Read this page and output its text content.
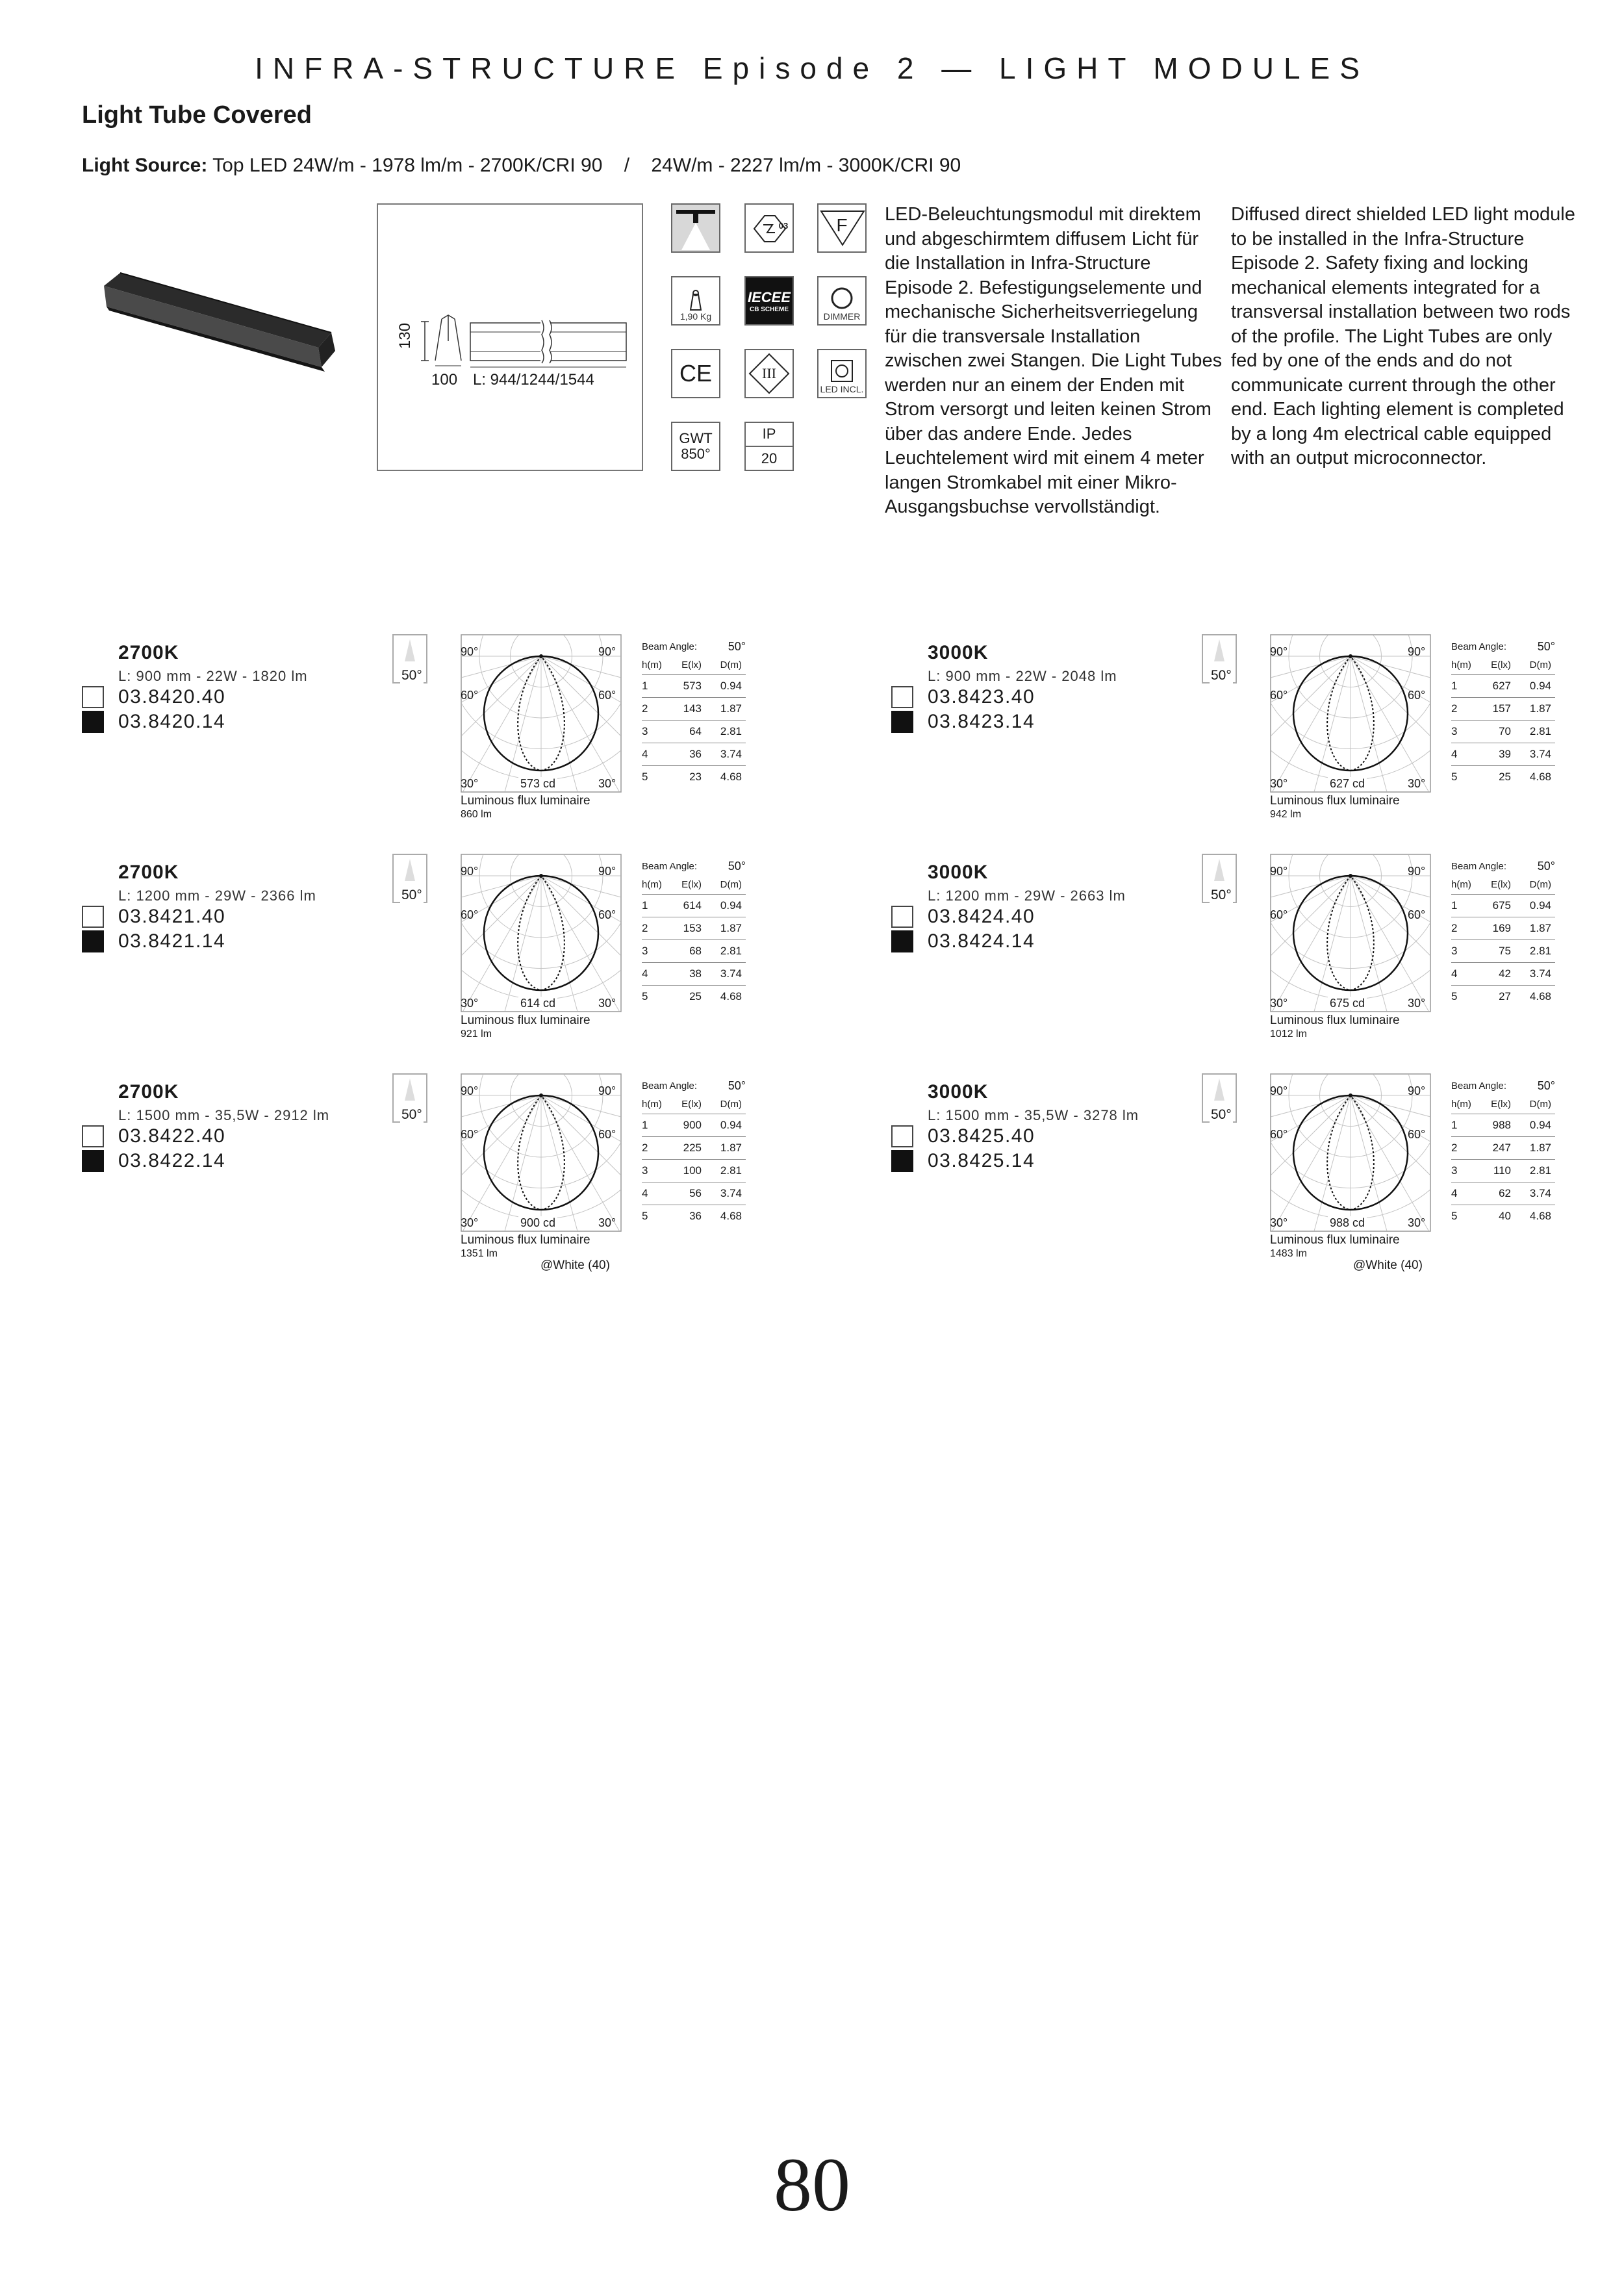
INFRA-STRUCTURE Episode 2 — LIGHT MODULES
Light Tube Covered
Light Source: Top LED 24W/m - 1978 lm/m - 2700K/CRI 90    /    24W/m - 2227 lm/m - 3000K/CRI 90
130
100 L: 944/1244/1544
03	F
1,90 Kg
IECEE
CB SCHEME
DIMMER
CE	III
LED INCL.
GWT
850°
IP
20
LED-Beleuchtungsmodul mit direktem und abgeschirmtem diffusem Licht für die Installation in Infra-Structure Episode 2. Befestigungselemente und mechanische Sicherheitsverriegelung für die transversale Installation zwischen zwei Stangen. Die Light Tubes werden nur an einem der Enden mit Strom versorgt und leiten keinen Strom über das andere Ende. Jedes Leuchtelement wird mit einem 4 meter langen Stromkabel mit einer Mikro-Ausgangsbuchse vervollständigt.
Diffused direct shielded LED light module to be installed in the Infra-Structure Episode 2. Safety fixing and locking mechanical elements integrated for a transversal installation between two rods of the profile. The Light Tubes are only fed by one of the ends and do not communicate current through the other end. Each lighting element is completed by a long 4m electrical cable equipped with an output microconnector.
2700K
L: 900 mm - 22W - 1820 lm
03.8420.40
03.8420.14
50°
90°	90°
60°	60°
30°	30°
573 cd
Luminous flux luminaire
860 lm
Beam Angle:	50°
h(m)	E(lx)	D(m)
1	573	0.94
2	143	1.87
3	64	2.81
4	36	3.74
5	23	4.68
3000K
L: 900 mm - 22W - 2048 lm
03.8423.40
03.8423.14
50°
90°	90°
60°	60°
30°	30°
627 cd
Luminous flux luminaire
942 lm
Beam Angle:	50°
h(m)	E(lx)	D(m)
1	627	0.94
2	157	1.87
3	70	2.81
4	39	3.74
5	25	4.68
2700K
L: 1200 mm - 29W - 2366 lm
03.8421.40
03.8421.14
50°
90°	90°
60°	60°
30°	30°
614 cd
Luminous flux luminaire
921 lm
Beam Angle:	50°
h(m)	E(lx)	D(m)
1	614	0.94
2	153	1.87
3	68	2.81
4	38	3.74
5	25	4.68
3000K
L: 1200 mm - 29W - 2663 lm
03.8424.40
03.8424.14
50°
90°	90°
60°	60°
30°	30°
675 cd
Luminous flux luminaire
1012 lm
Beam Angle:	50°
h(m)	E(lx)	D(m)
1	675	0.94
2	169	1.87
3	75	2.81
4	42	3.74
5	27	4.68
2700K
L: 1500 mm - 35,5W - 2912 lm
03.8422.40
03.8422.14
50°
90°	90°
60°	60°
30°	30°
900 cd
Luminous flux luminaire
1351 lm
Beam Angle:	50°
h(m)	E(lx)	D(m)
1	900	0.94
2	225	1.87
3	100	2.81
4	56	3.74
5	36	4.68
3000K
L: 1500 mm - 35,5W - 3278 lm
03.8425.40
03.8425.14
50°
90°	90°
60°	60°
30°	30°
988 cd
Luminous flux luminaire
1483 lm
Beam Angle:	50°
h(m)	E(lx)	D(m)
1	988	0.94
2	247	1.87
3	110	2.81
4	62	3.74
5	40	4.68
@White (40)	@White (40)
80
